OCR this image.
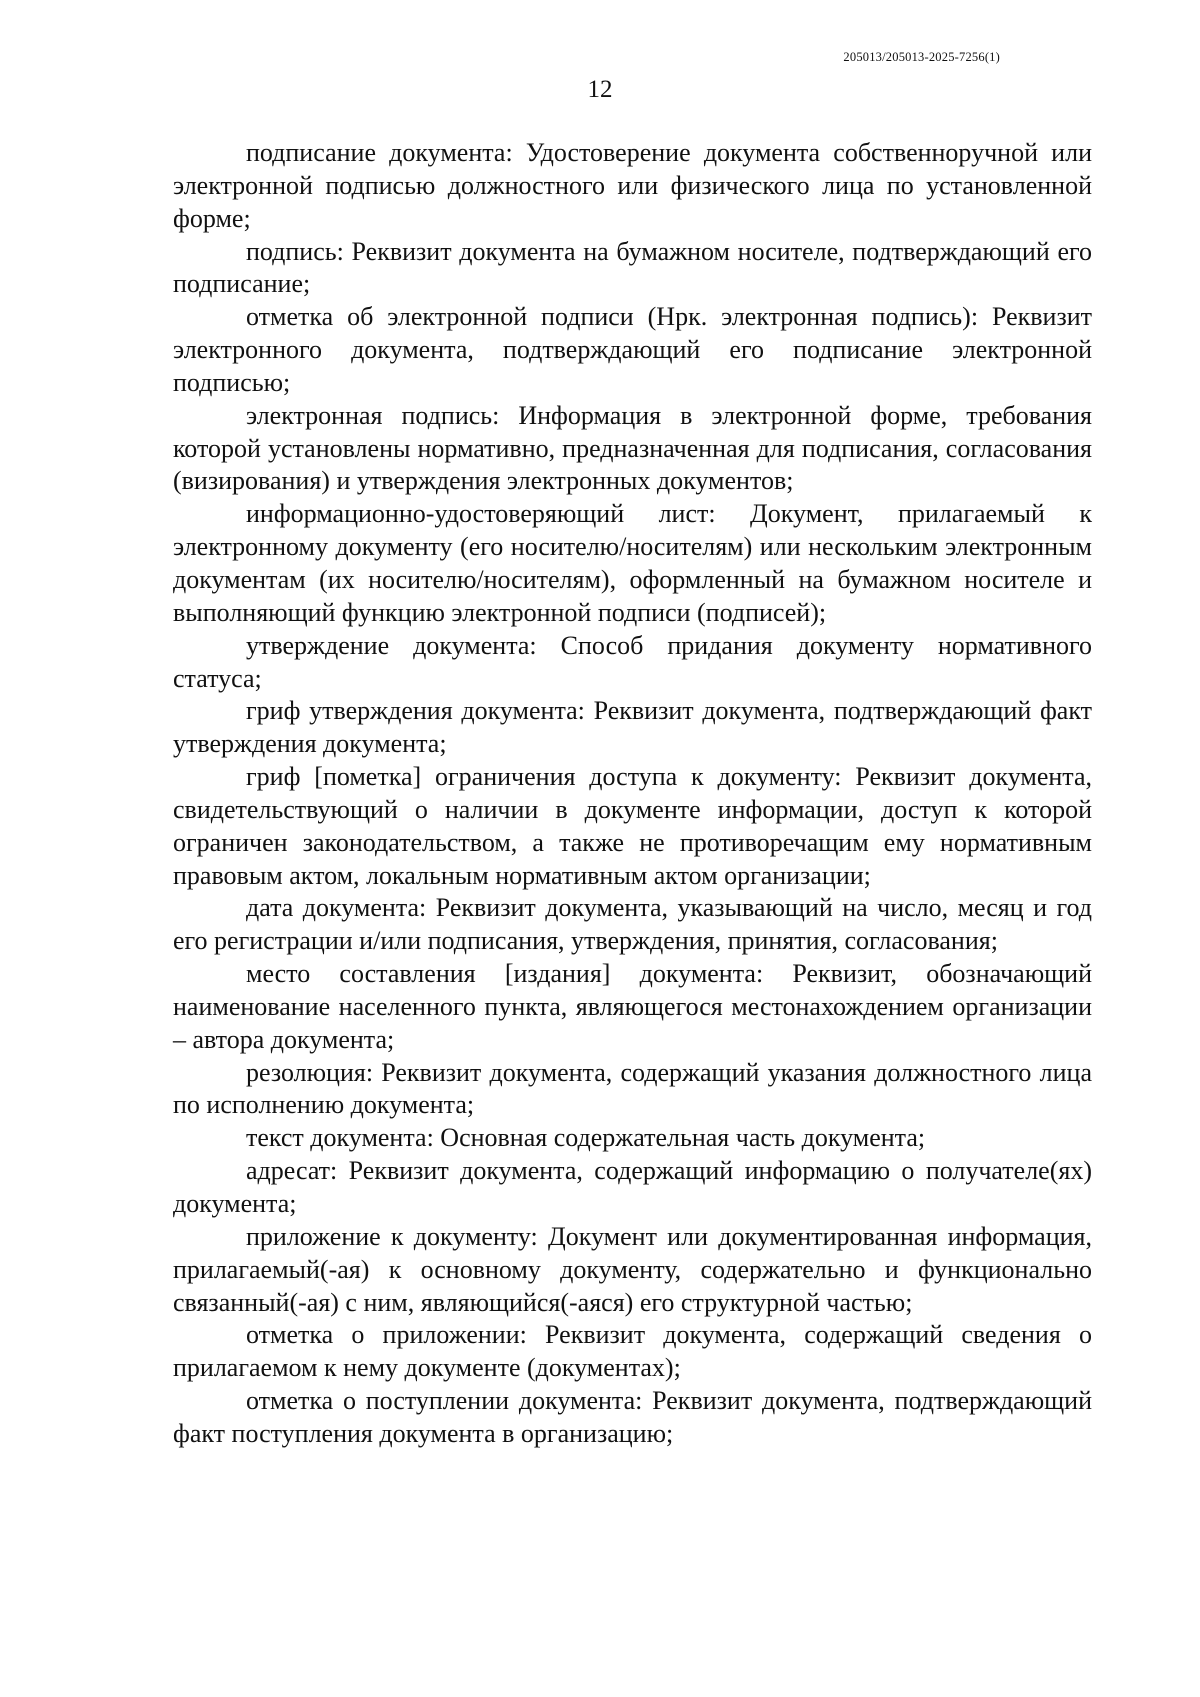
205013/205013-2025-7256(1)
12

подписание документа: Удостоверение документа собственноручной или электронной подписью должностного или физического лица по установленной форме;

подпись: Реквизит документа на бумажном носителе, подтверждающий его подписание;

отметка об электронной подписи (Нрк. электронная подпись): Реквизит электронного документа, подтверждающий его подписание электронной подписью;

электронная подпись: Информация в электронной форме, требования которой установлены нормативно, предназначенная для подписания, согласования (визирования) и утверждения электронных документов;

информационно-удостоверяющий лист: Документ, прилагаемый к электронному документу (его носителю/носителям) или нескольким электронным документам (их носителю/носителям), оформленный на бумажном носителе и выполняющий функцию электронной подписи (подписей);

утверждение документа: Способ придания документу нормативного статуса;

гриф утверждения документа: Реквизит документа, подтверждающий факт утверждения документа;

гриф [пометка] ограничения доступа к документу: Реквизит документа, свидетельствующий о наличии в документе информации, доступ к которой ограничен законодательством, а также не противоречащим ему нормативным правовым актом, локальным нормативным актом организации;

дата документа: Реквизит документа, указывающий на число, месяц и год его регистрации и/или подписания, утверждения, принятия, согласования;

место составления [издания] документа: Реквизит, обозначающий наименование населенного пункта, являющегося местонахождением организации – автора документа;

резолюция: Реквизит документа, содержащий указания должностного лица по исполнению документа;

текст документа: Основная содержательная часть документа;

адресат: Реквизит документа, содержащий информацию о получателе(ях) документа;

приложение к документу: Документ или документированная информация, прилагаемый(-ая) к основному документу, содержательно и функционально связанный(-ая) с ним, являющийся(-аяся) его структурной частью;

отметка о приложении: Реквизит документа, содержащий сведения о прилагаемом к нему документе (документах);

отметка о поступлении документа: Реквизит документа, подтверждающий факт поступления документа в организацию;
